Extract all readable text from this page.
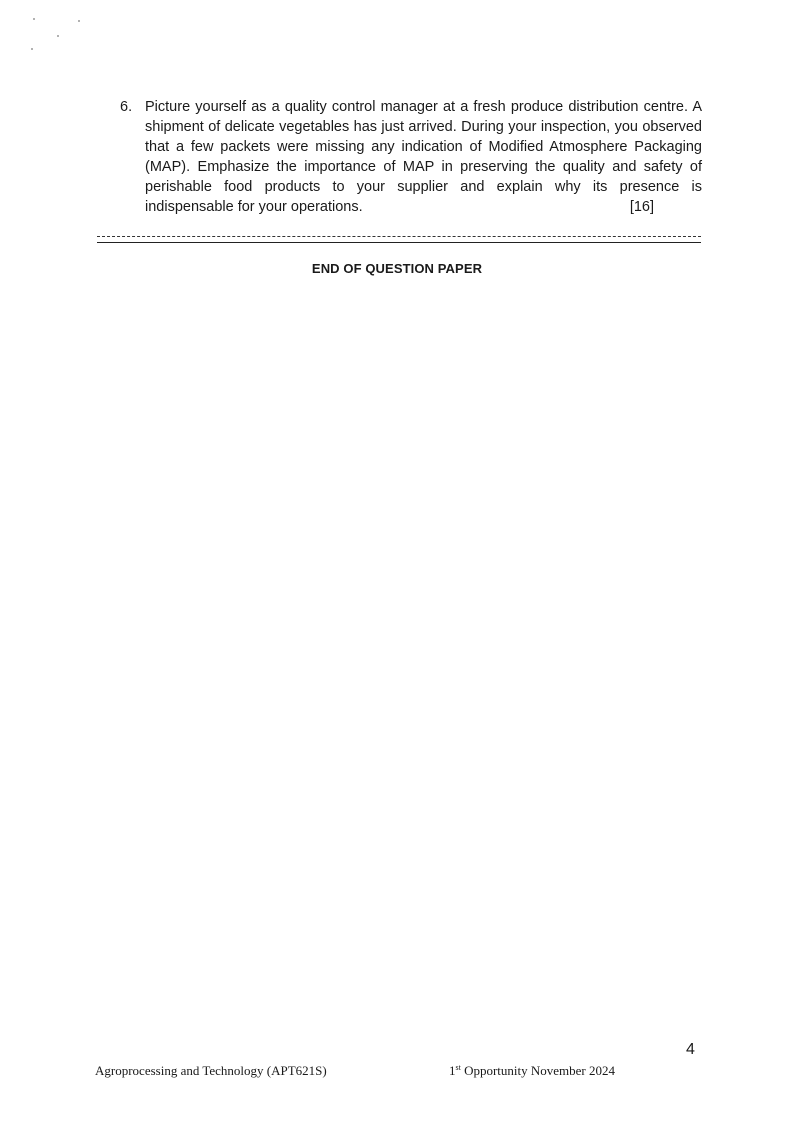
6. Picture yourself as a quality control manager at a fresh produce distribution centre. A
shipment of delicate vegetables has just arrived. During your inspection, you observed
that a few packets were missing any indication of Modified Atmosphere Packaging
(MAP). Emphasize the importance of MAP in preserving the quality and safety of
perishable food products to your supplier and explain why its presence is
indispensable for your operations.	[16]
END OF QUESTION PAPER
4
Agroprocessing and Technology (APT621S)	1st Opportunity November 2024
